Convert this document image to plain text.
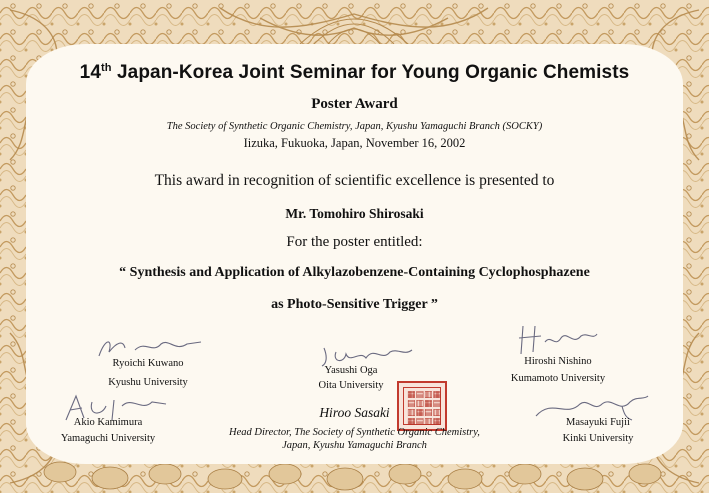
14th Japan-Korea Joint Seminar for Young Organic Chemists
Poster Award
The Society of Synthetic Organic Chemistry, Japan, Kyushu Yamaguchi Branch (SOCKY)
Iizuka, Fukuoka, Japan, November 16, 2002
This award in recognition of scientific excellence is presented to
Mr. Tomohiro Shirosaki
For the poster entitled:
“ Synthesis and Application of Alkylazobenzene-Containing Cyclophosphazene
as Photo-Sensitive Trigger ”
Ryoichi Kuwano
Kyushu University
Yasushi Oga
Oita University
Hiroshi Nishino
Kumamoto University
Akio Kamimura
Yamaguchi University
Masayuki Fujii
Kinki University
▦▤▥▦▤▥▦▤▥▦▤▥▦▤▥▦
Hiroo Sasaki
Head Director, The Society of Synthetic Organic Chemistry,
Japan, Kyushu Yamaguchi Branch
